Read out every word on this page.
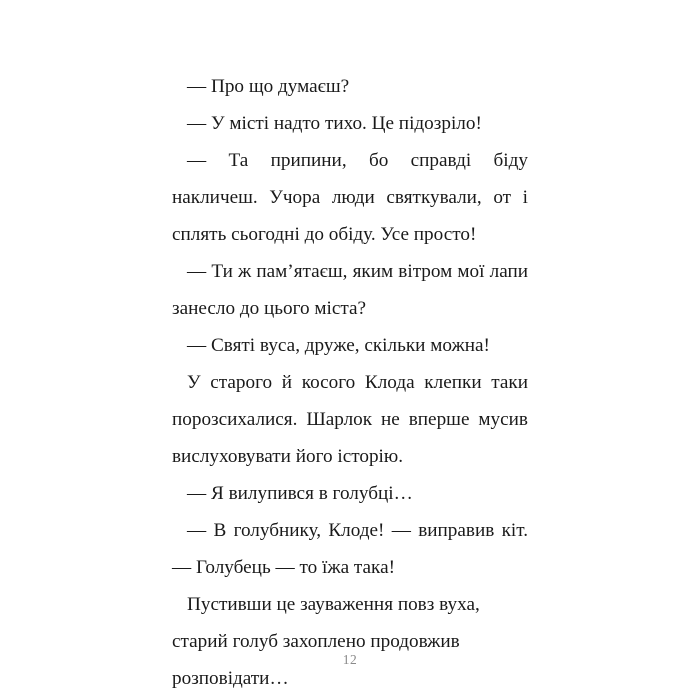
— Про що думаєш?

— У місті надто тихо. Це підозріло!

— Та припини, бо справді біду накличеш. Учора люди святкували, от і сплять сьогодні до обіду. Усе просто!

— Ти ж пам’ятаєш, яким вітром мої лапи занесло до цього міста?

— Святі вуса, друже, скільки можна!

У старого й косого Клода клепки таки порозсихалися. Шарлок не вперше мусив вислуховувати його історію.

— Я вилупився в голубці…

— В голубнику, Клоде! — виправив кіт. — Голубець — то їжа така!

Пустивши це зауваження повз вуха, старий голуб захоплено продовжив розповідати…

12
